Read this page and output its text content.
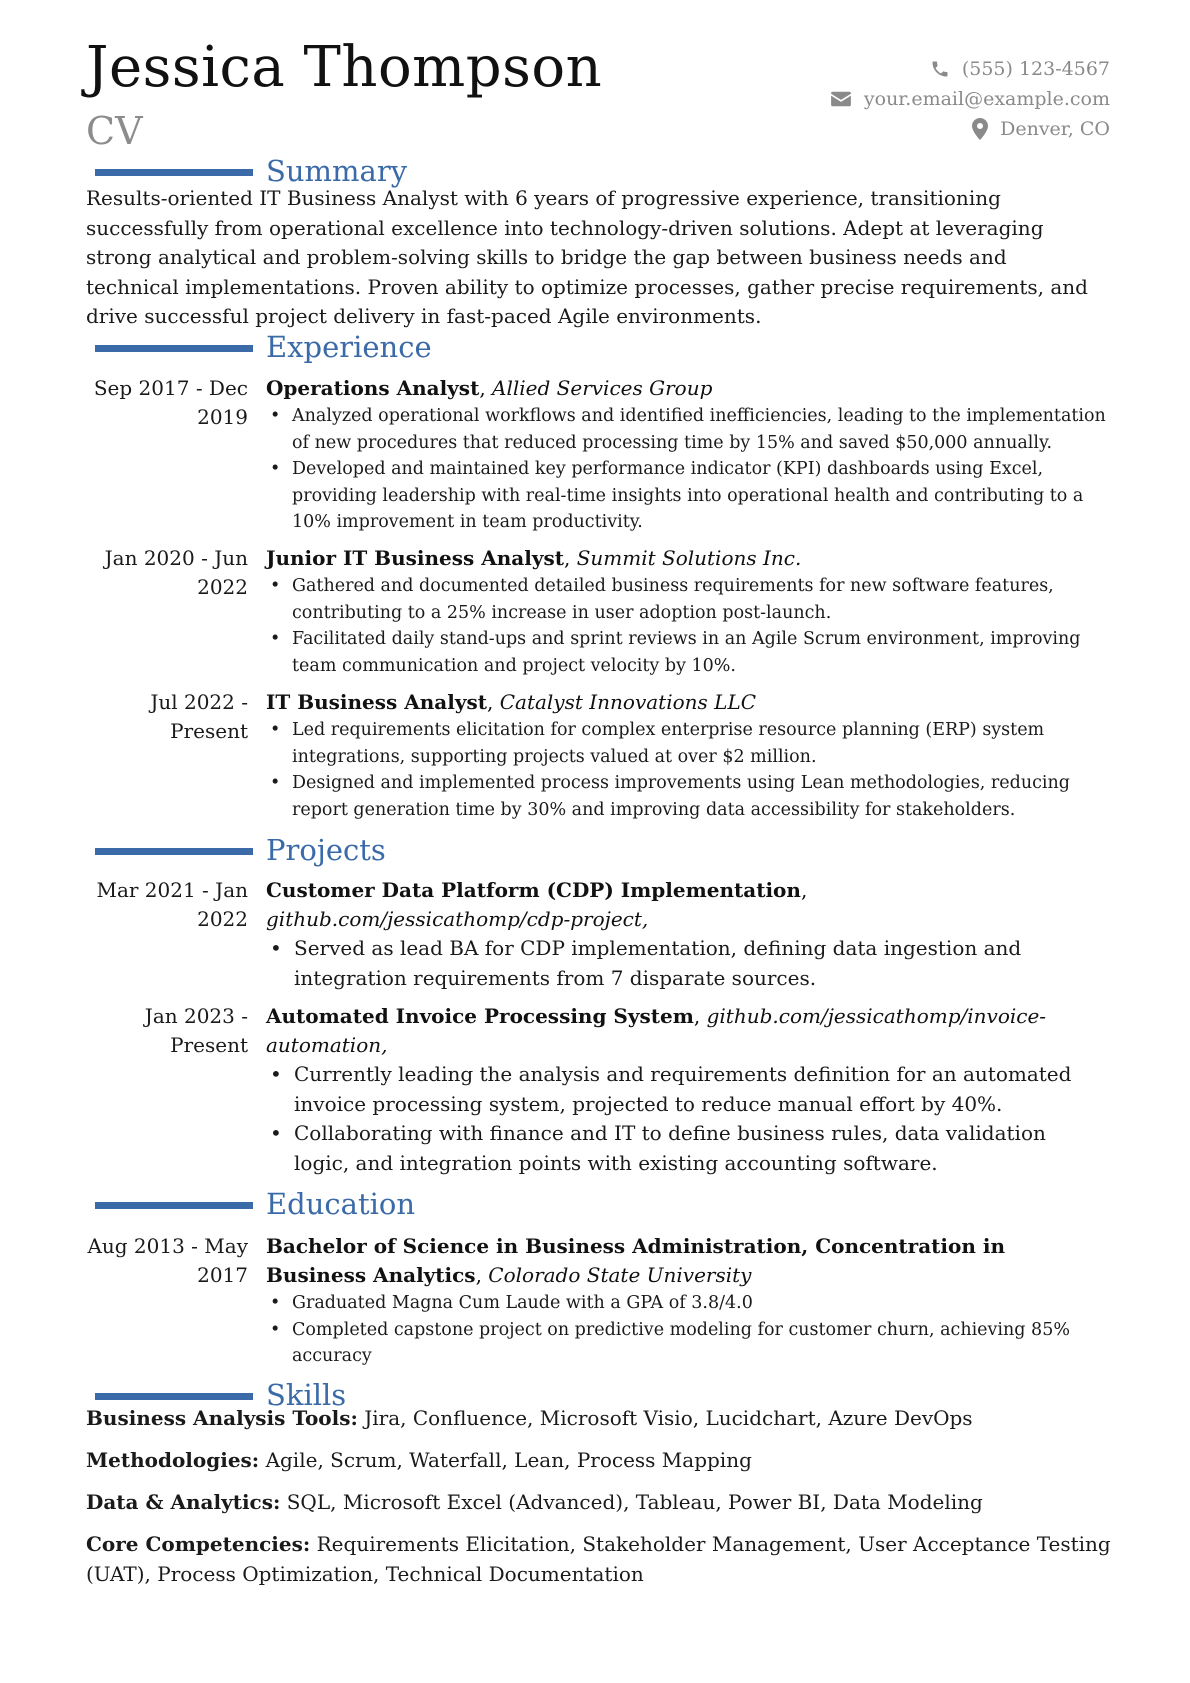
Jessica Thompson
CV
(555) 123-4567
your.email@example.com
Denver, CO
Summary
Results-oriented IT Business Analyst with 6 years of progressive experience, transitioning successfully from operational excellence into technology-driven solutions. Adept at leveraging strong analytical and problem-solving skills to bridge the gap between business needs and technical implementations. Proven ability to optimize processes, gather precise requirements, and drive successful project delivery in fast-paced Agile environments.
Experience
Sep 2017 - Dec 2019
Operations Analyst, Allied Services Group
• Analyzed operational workflows and identified inefficiencies, leading to the implementation of new procedures that reduced processing time by 15% and saved $50,000 annually.
• Developed and maintained key performance indicator (KPI) dashboards using Excel, providing leadership with real-time insights into operational health and contributing to a 10% improvement in team productivity.
Jan 2020 - Jun 2022
Junior IT Business Analyst, Summit Solutions Inc.
• Gathered and documented detailed business requirements for new software features, contributing to a 25% increase in user adoption post-launch.
• Facilitated daily stand-ups and sprint reviews in an Agile Scrum environment, improving team communication and project velocity by 10%.
Jul 2022 - Present
IT Business Analyst, Catalyst Innovations LLC
• Led requirements elicitation for complex enterprise resource planning (ERP) system integrations, supporting projects valued at over $2 million.
• Designed and implemented process improvements using Lean methodologies, reducing report generation time by 30% and improving data accessibility for stakeholders.
Projects
Mar 2021 - Jan 2022
Customer Data Platform (CDP) Implementation, github.com/jessicathomp/cdp-project,
• Served as lead BA for CDP implementation, defining data ingestion and integration requirements from 7 disparate sources.
Jan 2023 - Present
Automated Invoice Processing System, github.com/jessicathomp/invoice-automation,
• Currently leading the analysis and requirements definition for an automated invoice processing system, projected to reduce manual effort by 40%.
• Collaborating with finance and IT to define business rules, data validation logic, and integration points with existing accounting software.
Education
Aug 2013 - May 2017
Bachelor of Science in Business Administration, Concentration in Business Analytics, Colorado State University
• Graduated Magna Cum Laude with a GPA of 3.8/4.0
• Completed capstone project on predictive modeling for customer churn, achieving 85% accuracy
Skills
Business Analysis Tools: Jira, Confluence, Microsoft Visio, Lucidchart, Azure DevOps
Methodologies: Agile, Scrum, Waterfall, Lean, Process Mapping
Data & Analytics: SQL, Microsoft Excel (Advanced), Tableau, Power BI, Data Modeling
Core Competencies: Requirements Elicitation, Stakeholder Management, User Acceptance Testing (UAT), Process Optimization, Technical Documentation
